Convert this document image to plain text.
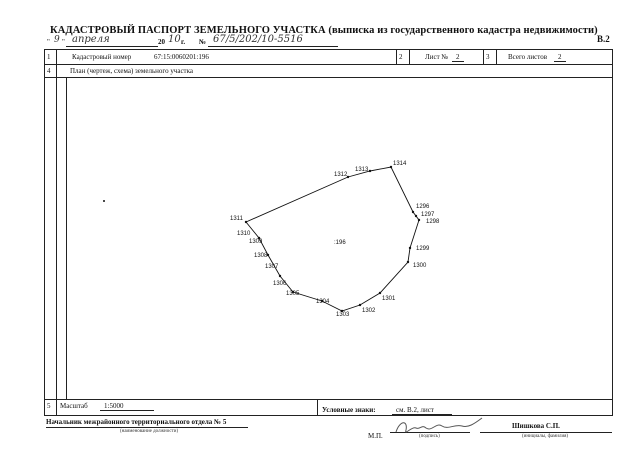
КАДАСТРОВЫЙ ПАСПОРТ ЗЕМЕЛЬНОГО УЧАСТКА (выписка из государственного кадастра недвижимости)
В.2
" 9 " апреля	20 10 г. № 67/5/202/10-5516
1	Кадастровый номер	67:15:0060201:196	2	Лист №	2	3	Всего листов	2
4	План (чертеж, схема) земельного участка
1296
1297
1298
1299
1300
1301
1302
1303
1304
1305
1306
1307
1308
1309
1310
1311
1312
1313
1314
:196
5 Масштаб 1:5000	Условные знаки:	см. В.2, лист
Начальник межрайонного территориального отдела № 5
(наименование должности)
М.П.	(подпись)
Шишкова С.П.
(инициалы, фамилия)
